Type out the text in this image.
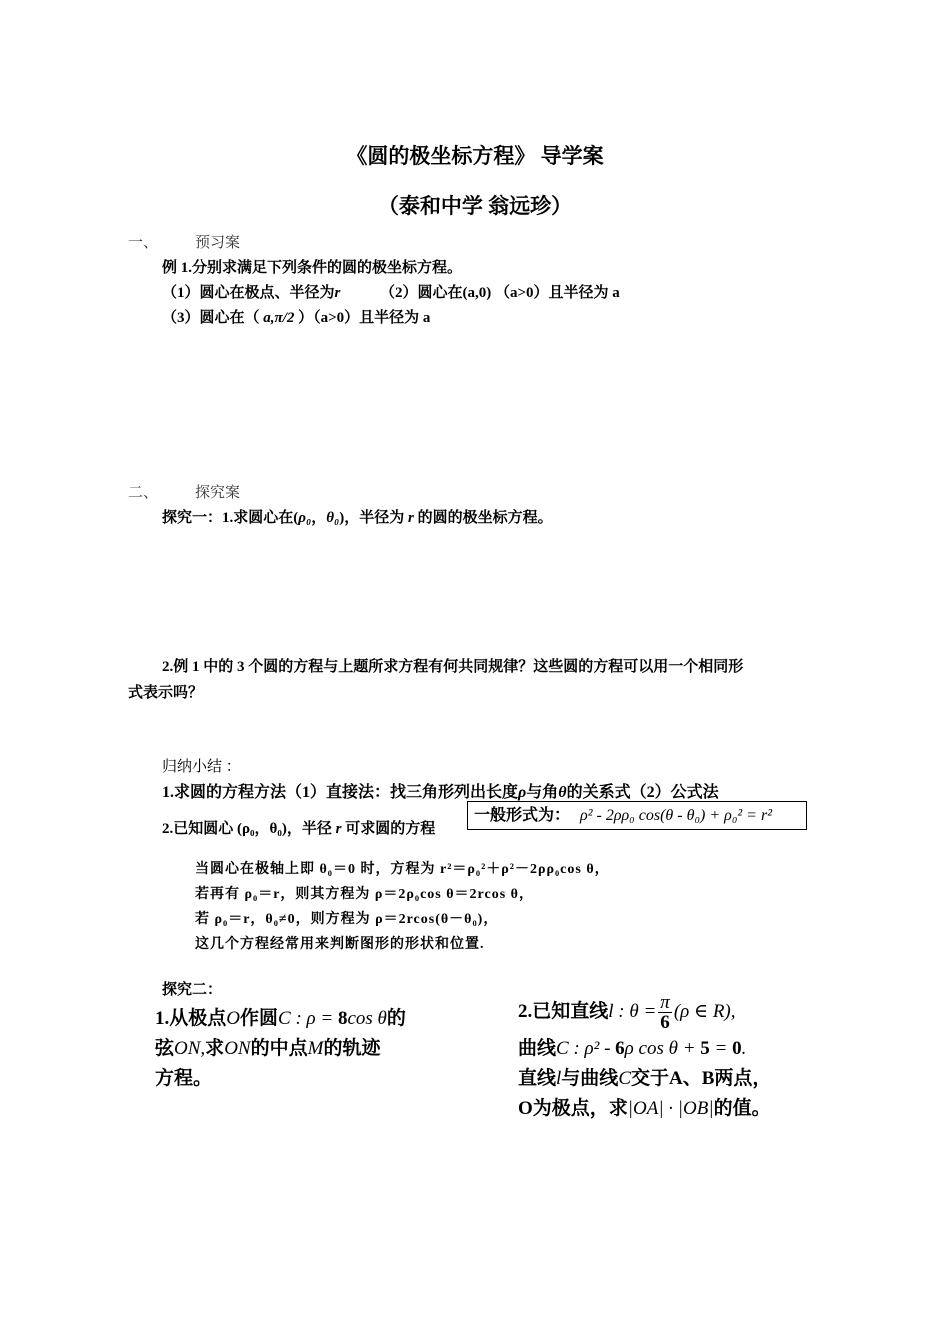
《圆的极坐标方程》 导学案
（泰和中学 翁远珍）
一、 预习案
例 1.分别求满足下列条件的圆的极坐标方程。
（1）圆心在极点、半径为r	（2）圆心在(a,0) （a>0）且半径为 a
（3）圆心在（ a,π/2 ）（a>0）且半径为 a
二、 探究案
探究一：1.求圆心在(ρ₀，θ₀)，半径为 r 的圆的极坐标方程。
2.例 1 中的 3 个圆的方程与上题所求方程有何共同规律？这些圆的方程可以用一个相同形
式表示吗？
归纳小结 ：
1.求圆的方程方法（1）直接法：找三角形列出长度ρ与角θ的关系式（2）公式法
2.已知圆心 (ρ₀，θ₀)，半径 r 可求圆的方程
一般形式为： ρ² - 2ρρ₀ cos(θ - θ₀) + ρ₀² = r²
当圆心在极轴上即 θ₀＝0 时，方程为 r²＝ρ₀²＋ρ²－2ρρ₀cos θ，
若再有 ρ₀＝r，则其方程为 ρ＝2ρ₀cos θ＝2rcos θ，
若 ρ₀＝r，θ₀≠0，则方程为 ρ＝2rcos(θ－θ₀)，
这几个方程经常用来判断图形的形状和位置.
探究二：
1.从极点O作圆C : ρ = 8cos θ的
弦ON,求ON的中点M的轨迹
方程。
2.已知直线l : $\theta = \frac{\pi}{6} (\rho$ ∈ R),
曲线C : ρ² - 6ρ cos θ + 5 = 0.
直线l与曲线C交于A、B两点，
O为极点，求|OA| · |OB|的值。
